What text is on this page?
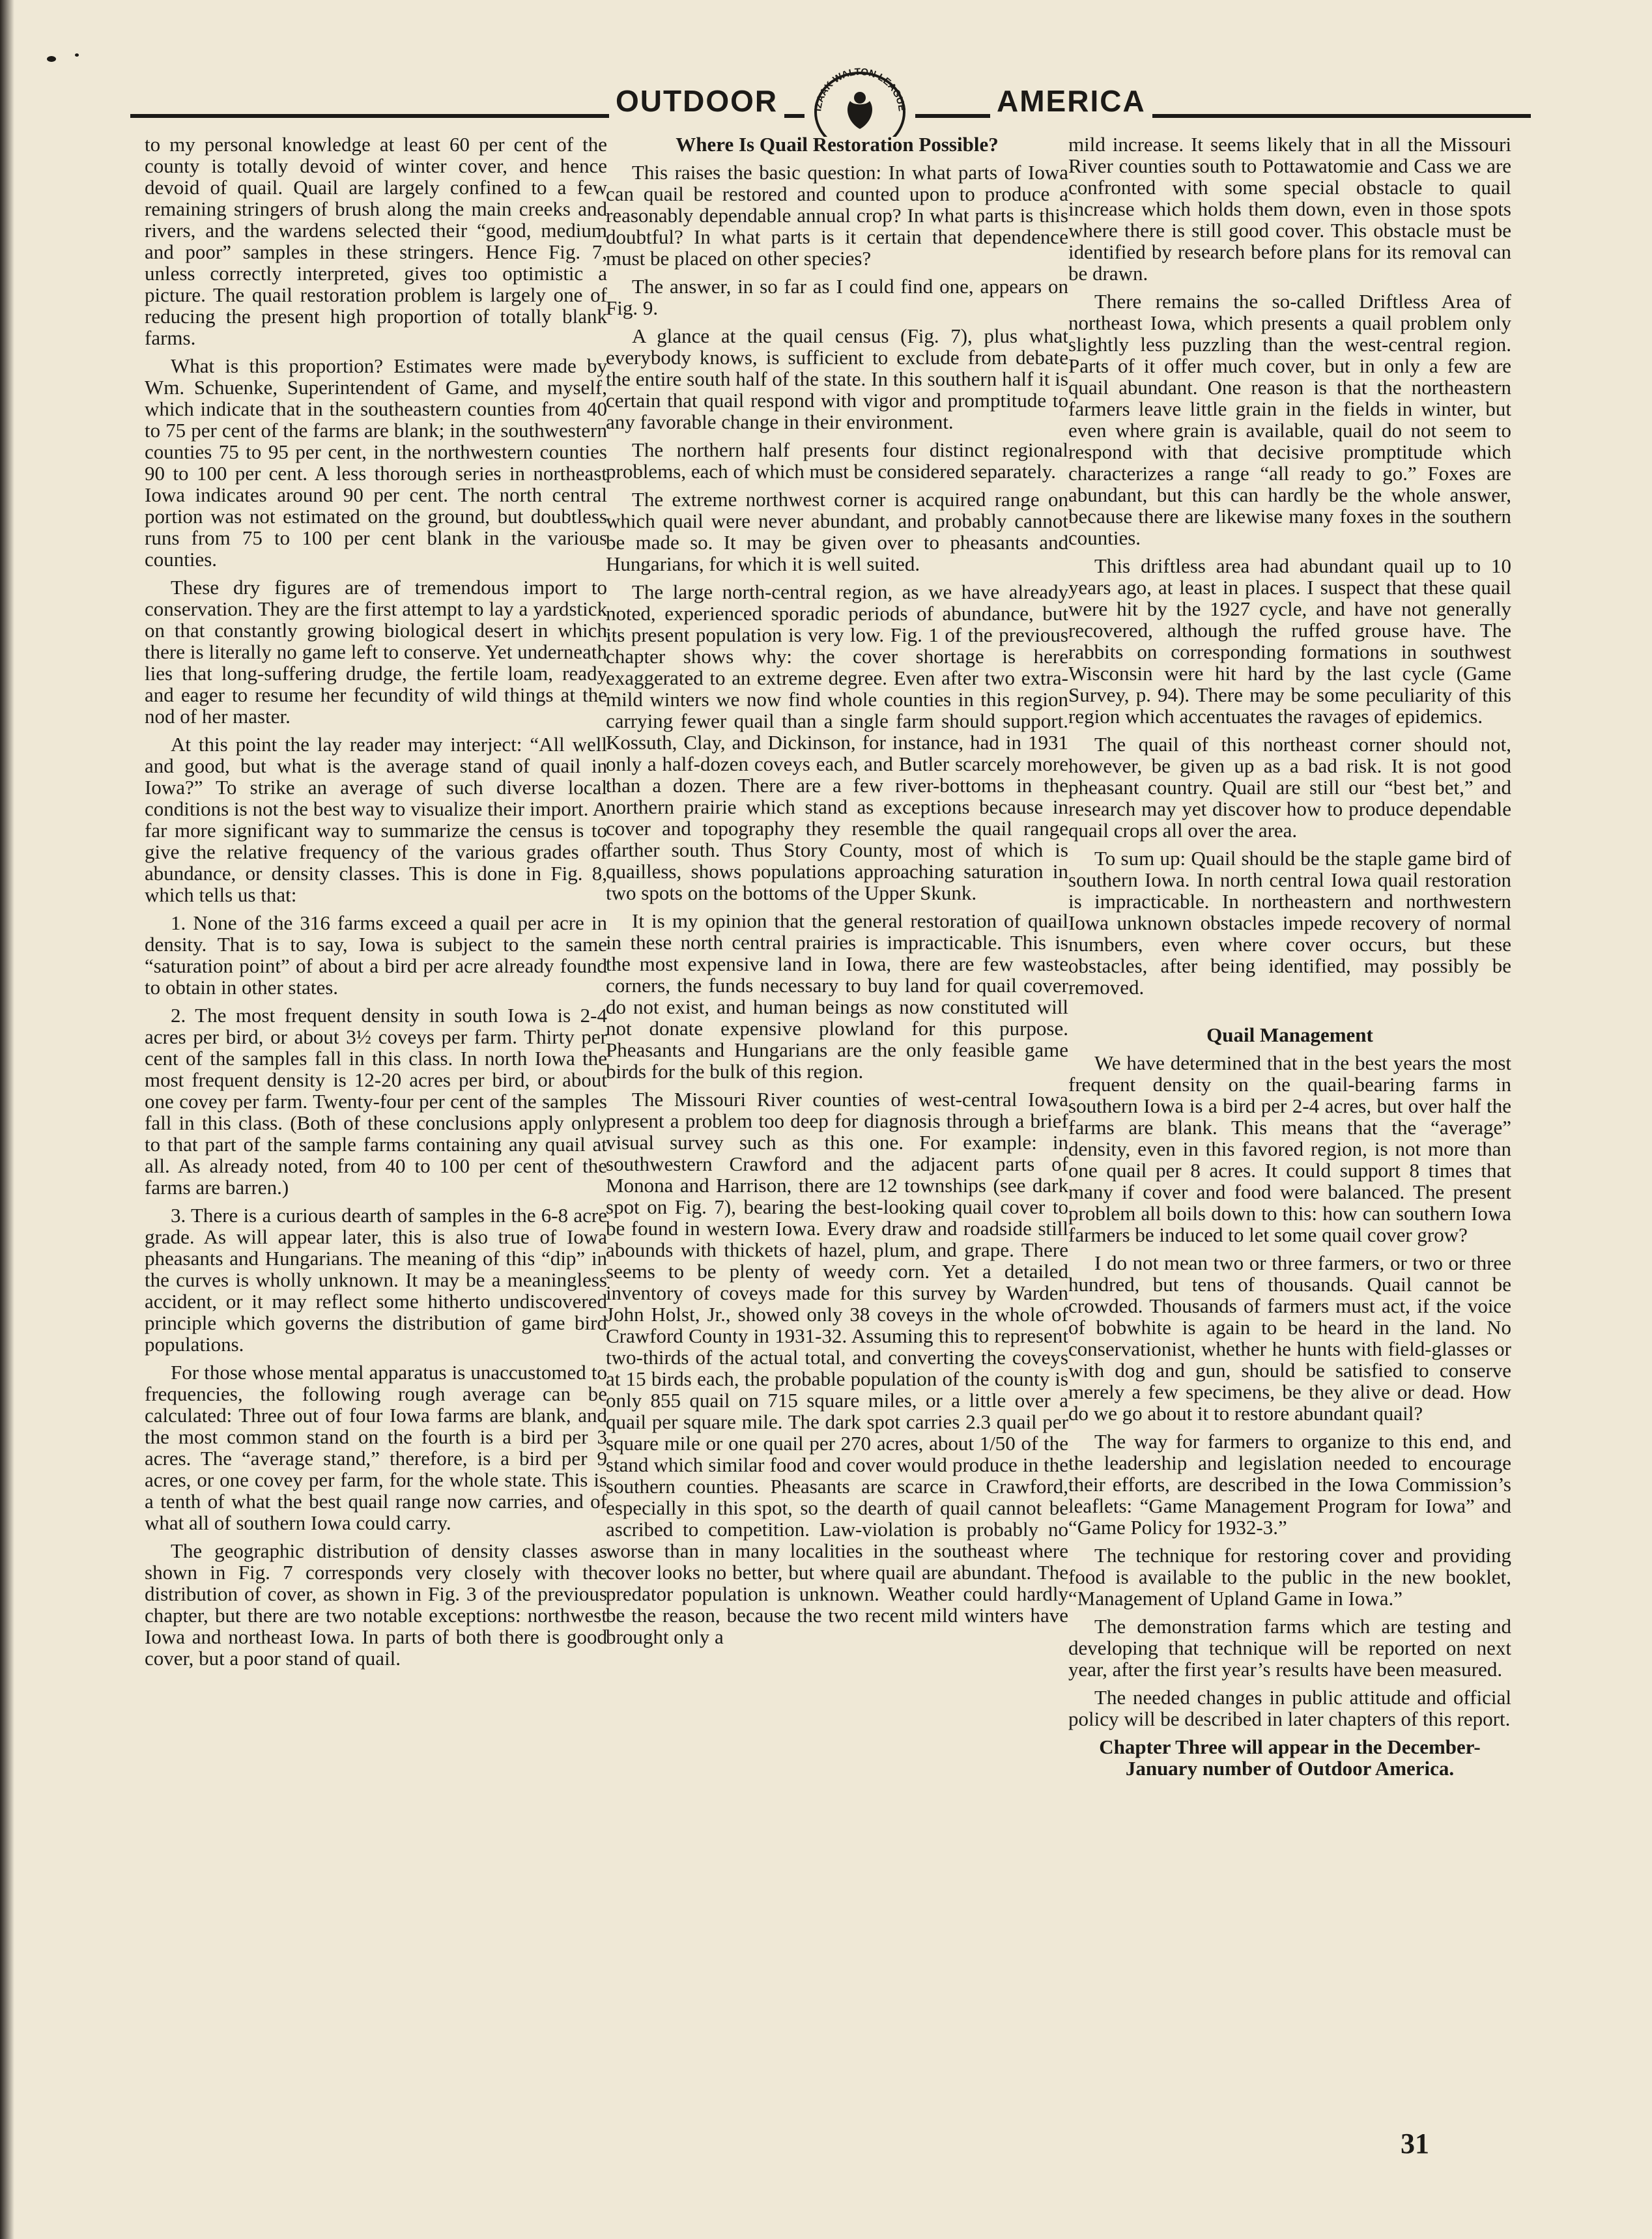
OUTDOOR	IZAAK WALTON LEAGUE	AMERICA

to my personal knowledge at least 60 per cent of the county is totally devoid of winter cover, and hence devoid of quail. Quail are largely confined to a few remaining stringers of brush along the main creeks and rivers, and the wardens selected their “good, medium and poor” samples in these stringers. Hence Fig. 7, unless correctly interpreted, gives too optimistic a picture. The quail restoration problem is largely one of reducing the present high proportion of totally blank farms.

What is this proportion? Estimates were made by Wm. Schuenke, Superintendent of Game, and myself, which indicate that in the southeastern counties from 40 to 75 per cent of the farms are blank; in the southwestern counties 75 to 95 per cent, in the northwestern counties 90 to 100 per cent. A less thorough series in northeast Iowa indicates around 90 per cent. The north central portion was not estimated on the ground, but doubtless runs from 75 to 100 per cent blank in the various counties.

These dry figures are of tremendous import to conservation. They are the first attempt to lay a yardstick on that constantly growing biological desert in which there is literally no game left to conserve. Yet underneath lies that long-suffering drudge, the fertile loam, ready and eager to resume her fecundity of wild things at the nod of her master.

At this point the lay reader may interject: “All well and good, but what is the average stand of quail in Iowa?” To strike an average of such diverse local conditions is not the best way to visualize their import. A far more significant way to summarize the census is to give the relative frequency of the various grades of abundance, or density classes. This is done in Fig. 8, which tells us that:

1. None of the 316 farms exceed a quail per acre in density. That is to say, Iowa is subject to the same “saturation point” of about a bird per acre already found to obtain in other states.

2. The most frequent density in south Iowa is 2-4 acres per bird, or about 3½ coveys per farm. Thirty per cent of the samples fall in this class. In north Iowa the most frequent density is 12-20 acres per bird, or about one covey per farm. Twenty-four per cent of the samples fall in this class. (Both of these conclusions apply only to that part of the sample farms containing any quail at all. As already noted, from 40 to 100 per cent of the farms are barren.)

3. There is a curious dearth of samples in the 6-8 acre grade. As will appear later, this is also true of Iowa pheasants and Hungarians. The meaning of this “dip” in the curves is wholly unknown. It may be a meaningless accident, or it may reflect some hitherto undiscovered principle which governs the distribution of game bird populations.

For those whose mental apparatus is unaccustomed to frequencies, the following rough average can be calculated: Three out of four Iowa farms are blank, and the most common stand on the fourth is a bird per 3 acres. The “average stand,” therefore, is a bird per 9 acres, or one covey per farm, for the whole state. This is a tenth of what the best quail range now carries, and of what all of southern Iowa could carry.

The geographic distribution of density classes as shown in Fig. 7 corresponds very closely with the distribution of cover, as shown in Fig. 3 of the previous chapter, but there are two notable exceptions: northwest Iowa and northeast Iowa. In parts of both there is good cover, but a poor stand of quail.

Where Is Quail Restoration Possible?

This raises the basic question: In what parts of Iowa can quail be restored and counted upon to produce a reasonably dependable annual crop? In what parts is this doubtful? In what parts is it certain that dependence must be placed on other species?

The answer, in so far as I could find one, appears on Fig. 9.

A glance at the quail census (Fig. 7), plus what everybody knows, is sufficient to exclude from debate the entire south half of the state. In this southern half it is certain that quail respond with vigor and promptitude to any favorable change in their environment.

The northern half presents four distinct regional problems, each of which must be considered separately.

The extreme northwest corner is acquired range on which quail were never abundant, and probably cannot be made so. It may be given over to pheasants and Hungarians, for which it is well suited.

The large north-central region, as we have already noted, experienced sporadic periods of abundance, but its present population is very low. Fig. 1 of the previous chapter shows why: the cover shortage is here exaggerated to an extreme degree. Even after two extra-mild winters we now find whole counties in this region carrying fewer quail than a single farm should support. Kossuth, Clay, and Dickinson, for instance, had in 1931 only a half-dozen coveys each, and Butler scarcely more than a dozen. There are a few river-bottoms in the northern prairie which stand as exceptions because in cover and topography they resemble the quail range farther south. Thus Story County, most of which is quailless, shows populations approaching saturation in two spots on the bottoms of the Upper Skunk.

It is my opinion that the general restoration of quail in these north central prairies is impracticable. This is the most expensive land in Iowa, there are few waste corners, the funds necessary to buy land for quail cover do not exist, and human beings as now constituted will not donate expensive plowland for this purpose. Pheasants and Hungarians are the only feasible game birds for the bulk of this region.

The Missouri River counties of west-central Iowa present a problem too deep for diagnosis through a brief visual survey such as this one. For example: in southwestern Crawford and the adjacent parts of Monona and Harrison, there are 12 townships (see dark spot on Fig. 7), bearing the best-looking quail cover to be found in western Iowa. Every draw and roadside still abounds with thickets of hazel, plum, and grape. There seems to be plenty of weedy corn. Yet a detailed inventory of coveys made for this survey by Warden John Holst, Jr., showed only 38 coveys in the whole of Crawford County in 1931-32. Assuming this to represent two-thirds of the actual total, and converting the coveys at 15 birds each, the probable population of the county is only 855 quail on 715 square miles, or a little over a quail per square mile. The dark spot carries 2.3 quail per square mile or one quail per 270 acres, about 1/50 of the stand which similar food and cover would produce in the southern counties. Pheasants are scarce in Crawford, especially in this spot, so the dearth of quail cannot be ascribed to competition. Law-violation is probably no worse than in many localities in the southeast where cover looks no better, but where quail are abundant. The predator population is unknown. Weather could hardly be the reason, because the two recent mild winters have brought only a

mild increase. It seems likely that in all the Missouri River counties south to Pottawatomie and Cass we are confronted with some special obstacle to quail increase which holds them down, even in those spots where there is still good cover. This obstacle must be identified by research before plans for its removal can be drawn.

There remains the so-called Driftless Area of northeast Iowa, which presents a quail problem only slightly less puzzling than the west-central region. Parts of it offer much cover, but in only a few are quail abundant. One reason is that the northeastern farmers leave little grain in the fields in winter, but even where grain is available, quail do not seem to respond with that decisive promptitude which characterizes a range “all ready to go.” Foxes are abundant, but this can hardly be the whole answer, because there are likewise many foxes in the southern counties.

This driftless area had abundant quail up to 10 years ago, at least in places. I suspect that these quail were hit by the 1927 cycle, and have not generally recovered, although the ruffed grouse have. The rabbits on corresponding formations in southwest Wisconsin were hit hard by the last cycle (Game Survey, p. 94). There may be some peculiarity of this region which accentuates the ravages of epidemics.

The quail of this northeast corner should not, however, be given up as a bad risk. It is not good pheasant country. Quail are still our “best bet,” and research may yet discover how to produce dependable quail crops all over the area.

To sum up: Quail should be the staple game bird of southern Iowa. In north central Iowa quail restoration is impracticable. In northeastern and northwestern Iowa unknown obstacles impede recovery of normal numbers, even where cover occurs, but these obstacles, after being identified, may possibly be removed.

Quail Management

We have determined that in the best years the most frequent density on the quail-bearing farms in southern Iowa is a bird per 2-4 acres, but over half the farms are blank. This means that the “average” density, even in this favored region, is not more than one quail per 8 acres. It could support 8 times that many if cover and food were balanced. The present problem all boils down to this: how can southern Iowa farmers be induced to let some quail cover grow?

I do not mean two or three farmers, or two or three hundred, but tens of thousands. Quail cannot be crowded. Thousands of farmers must act, if the voice of bobwhite is again to be heard in the land. No conservationist, whether he hunts with field-glasses or with dog and gun, should be satisfied to conserve merely a few specimens, be they alive or dead. How do we go about it to restore abundant quail?

The way for farmers to organize to this end, and the leadership and legislation needed to encourage their efforts, are described in the Iowa Commission’s leaflets: “Game Management Program for Iowa” and “Game Policy for 1932-3.”

The technique for restoring cover and providing food is available to the public in the new booklet, “Management of Upland Game in Iowa.”

The demonstration farms which are testing and developing that technique will be reported on next year, after the first year’s results have been measured.

The needed changes in public attitude and official policy will be described in later chapters of this report.

Chapter Three will appear in the December-January number of Outdoor America.

31
